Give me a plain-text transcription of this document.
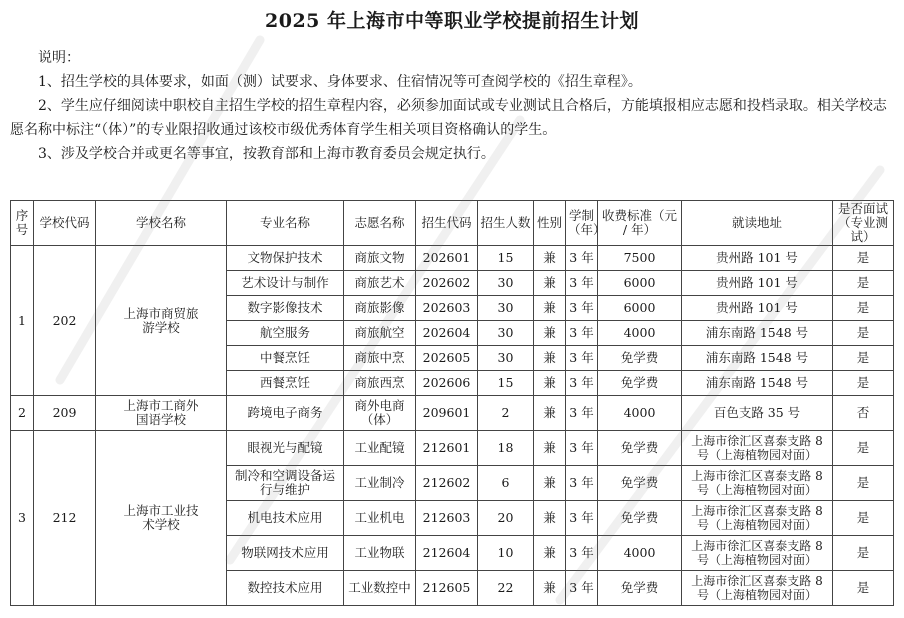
2025 年上海市中等职业学校提前招生计划

说明：

1、招生学校的具体要求，如面（测）试要求、身体要求、住宿情况等可查阅学校的《招生章程》。

2、学生应仔细阅读中职校自主招生学校的招生章程内容，必须参加面试或专业测试且合格后，方能填报相应志愿和投档录取。相关学校志愿名称中标注“（体）”的专业限招收通过该校市级优秀体育学生相关项目资格确认的学生。

3、涉及学校合并或更名等事宜，按教育部和上海市教育委员会规定执行。

序号	学校代码	学校名称	专业名称	志愿名称	招生代码	招生人数	性别	学制（年）	收费标准（元 / 年）	就读地址	是否面试（专业测试）
1	202	上海市商贸旅游学校	文物保护技术	商旅文物	202601	15	兼	3 年	7500	贵州路 101 号	是
			艺术设计与制作	商旅艺术	202602	30	兼	3 年	6000	贵州路 101 号	是
			数字影像技术	商旅影像	202603	30	兼	3 年	6000	贵州路 101 号	是
			航空服务	商旅航空	202604	30	兼	3 年	4000	浦东南路 1548 号	是
			中餐烹饪	商旅中烹	202605	30	兼	3 年	免学费	浦东南路 1548 号	是
			西餐烹饪	商旅西烹	202606	15	兼	3 年	免学费	浦东南路 1548 号	是
2	209	上海市工商外国语学校	跨境电子商务	商外电商（体）	209601	2	兼	3 年	4000	百色支路 35 号	否
3	212	上海市工业技术学校	眼视光与配镜	工业配镜	212601	18	兼	3 年	免学费	上海市徐汇区喜泰支路 8 号（上海植物园对面）	是
			制冷和空调设备运行与维护	工业制冷	212602	6	兼	3 年	免学费	上海市徐汇区喜泰支路 8 号（上海植物园对面）	是
			机电技术应用	工业机电	212603	20	兼	3 年	免学费	上海市徐汇区喜泰支路 8 号（上海植物园对面）	是
			物联网技术应用	工业物联	212604	10	兼	3 年	4000	上海市徐汇区喜泰支路 8 号（上海植物园对面）	是
			数控技术应用	工业数控中	212605	22	兼	3 年	免学费	上海市徐汇区喜泰支路 8 号（上海植物园对面）	是
